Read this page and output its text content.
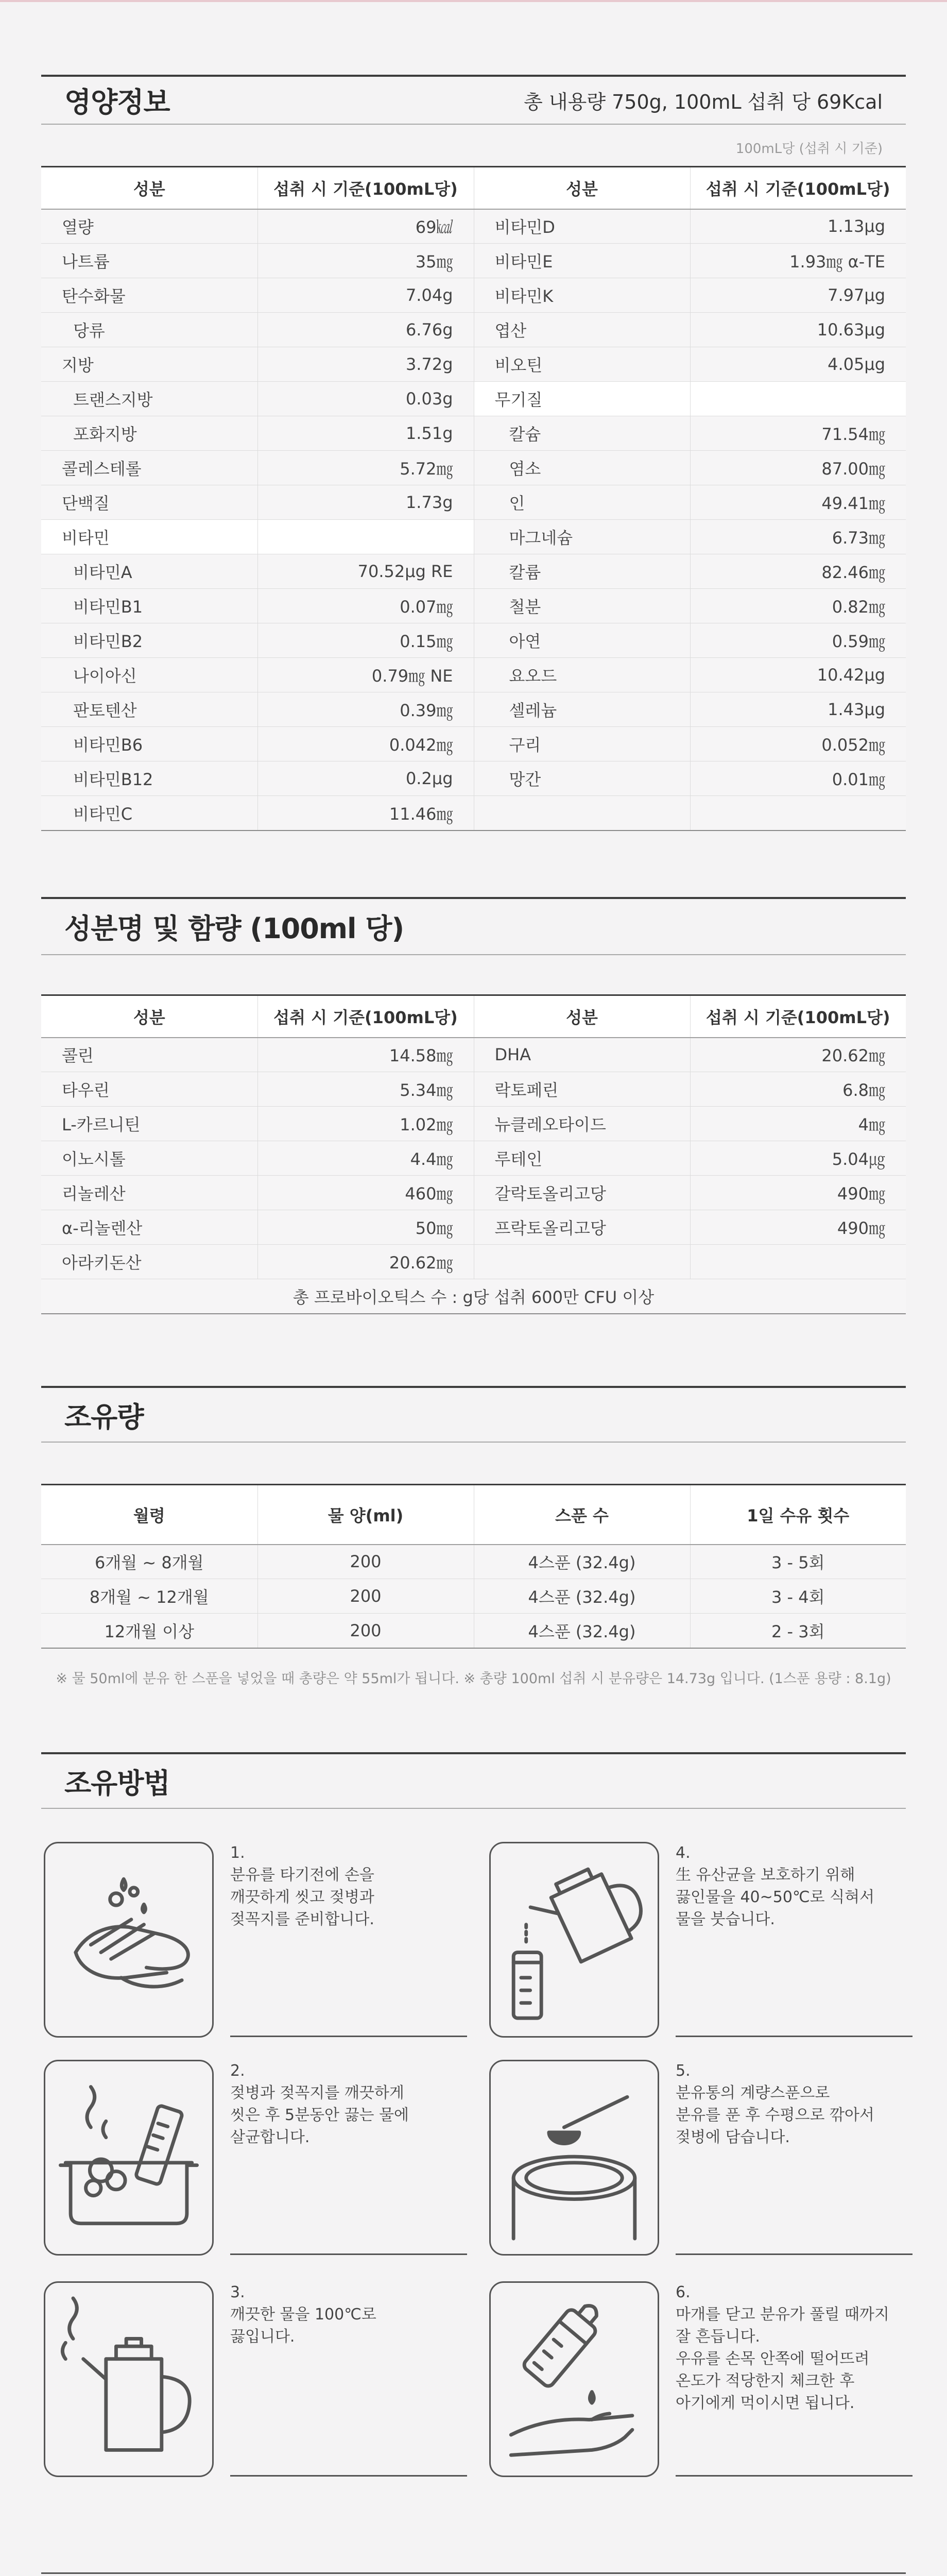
영양정보	총 내용량 750g, 100mL 섭취 당 69Kcal
100mL당 (섭취 시 기준)
성분	섭취 시 기준(100mL당)	성분	섭취 시 기준(100mL당)
열량	69㎉	비타민D	1.13μg
나트륨	35㎎	비타민E	1.93㎎ α-TE
탄수화물	7.04g	비타민K	7.97μg
당류	6.76g	엽산	10.63μg
지방	3.72g	비오틴	4.05μg
트랜스지방	0.03g	무기질	
포화지방	1.51g	칼슘	71.54㎎
콜레스테롤	5.72㎎	염소	87.00㎎
단백질	1.73g	인	49.41㎎
비타민		마그네슘	6.73㎎
비타민A	70.52μg RE	칼륨	82.46㎎
비타민B1	0.07㎎	철분	0.82㎎
비타민B2	0.15㎎	아연	0.59㎎
나이아신	0.79㎎ NE	요오드	10.42μg
판토텐산	0.39㎎	셀레늄	1.43μg
비타민B6	0.042㎎	구리	0.052㎎
비타민B12	0.2μg	망간	0.01㎎
비타민C	11.46㎎		
성분명 및 함량 (100ml 당)
성분	섭취 시 기준(100mL당)	성분	섭취 시 기준(100mL당)
콜린	14.58㎎	DHA	20.62㎎
타우린	5.34㎎	락토페린	6.8㎎
L-카르니틴	1.02㎎	뉴클레오타이드	4㎎
이노시톨	4.4㎎	루테인	5.04㎍
리놀레산	460㎎	갈락토올리고당	490㎎
α-리놀렌산	50㎎	프락토올리고당	490㎎
아라키돈산	20.62㎎		
총 프로바이오틱스 수 : g당 섭취 600만 CFU 이상			
조유량
월령	물 양(ml)	스푼 수	1일 수유 횟수
6개월 ~ 8개월	200	4스푼 (32.4g)	3 - 5회
8개월 ~ 12개월	200	4스푼 (32.4g)	3 - 4회
12개월 이상	200	4스푼 (32.4g)	2 - 3회
※ 물 50ml에 분유 한 스푼을 넣었을 때 총량은 약 55ml가 됩니다. ※ 총량 100ml 섭취 시 분유량은 14.73g 입니다. (1스푼 용량 : 8.1g)
조유방법
1.
분유를 타기전에 손을
깨끗하게 씻고 젖병과
젖꼭지를 준비합니다.
2.
젖병과 젖꼭지를 깨끗하게
씻은 후 5분동안 끓는 물에
살균합니다.
3.
깨끗한 물을 100℃로
끓입니다.
4.
生 유산균을 보호하기 위해
끓인물을 40~50℃로 식혀서
물을 붓습니다.
5.
분유통의 계량스푼으로
분유를 푼 후 수평으로 깎아서
젖병에 담습니다.
6.
마개를 닫고 분유가 풀릴 때까지
잘 흔듭니다.
우유를 손목 안쪽에 떨어뜨려
온도가 적당한지 체크한 후
아기에게 먹이시면 됩니다.
